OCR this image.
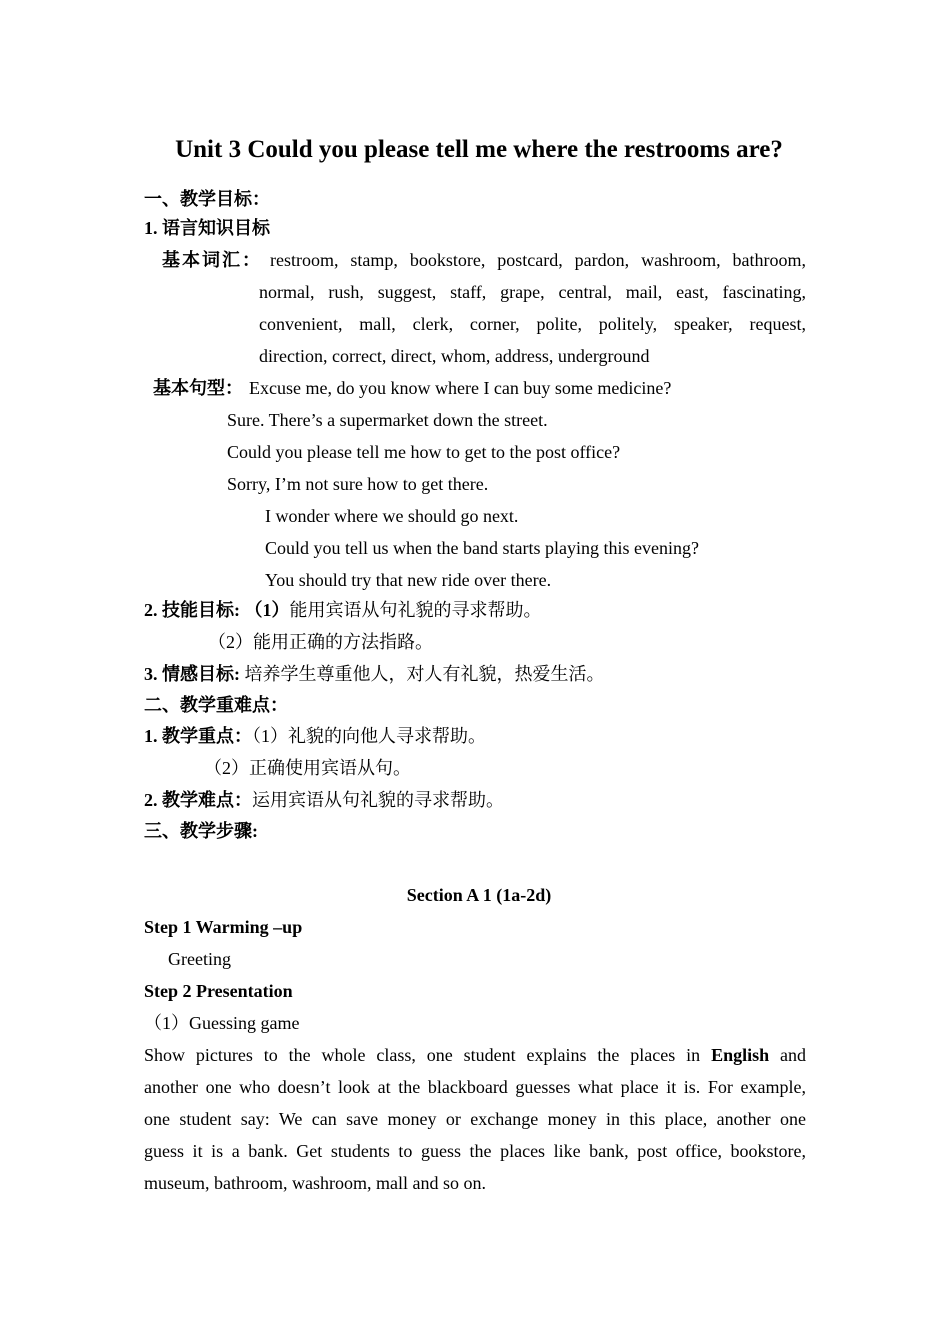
Unit 3 Could you please tell me where the restrooms are?
一、教学目标：
1. 语言知识目标
基本词汇： restroom, stamp, bookstore, postcard, pardon, washroom, bathroom,
normal, rush, suggest, staff, grape, central, mail, east, fascinating,
convenient, mall, clerk, corner, polite, politely, speaker, request,
direction, correct, direct, whom, address, underground
基本句型： Excuse me, do you know where I can buy some medicine?
Sure. There’s a supermarket down the street.
Could you please tell me how to get to the post office?
Sorry, I’m not sure how to get there.
I wonder where we should go next.
Could you tell us when the band starts playing this evening?
You should try that new ride over there.
2. 技能目标: （1）能用宾语从句礼貌的寻求帮助。
（2）能用正确的方法指路。
3. 情感目标: 培养学生尊重他人，对人有礼貌，热爱生活。
二、教学重难点：
1. 教学重点：（1）礼貌的向他人寻求帮助。
（2）正确使用宾语从句。
2. 教学难点：运用宾语从句礼貌的寻求帮助。
三、教学步骤:
Section A 1 (1a-2d)
Step 1 Warming –up
Greeting
Step 2 Presentation
（1）Guessing game
Show pictures to the whole class, one student explains the places in English and
another one who doesn’t look at the blackboard guesses what place it is. For example,
one student say: We can save money or exchange money in this place, another one
guess it is a bank. Get students to guess the places like bank, post office, bookstore,
museum, bathroom, washroom, mall and so on.
